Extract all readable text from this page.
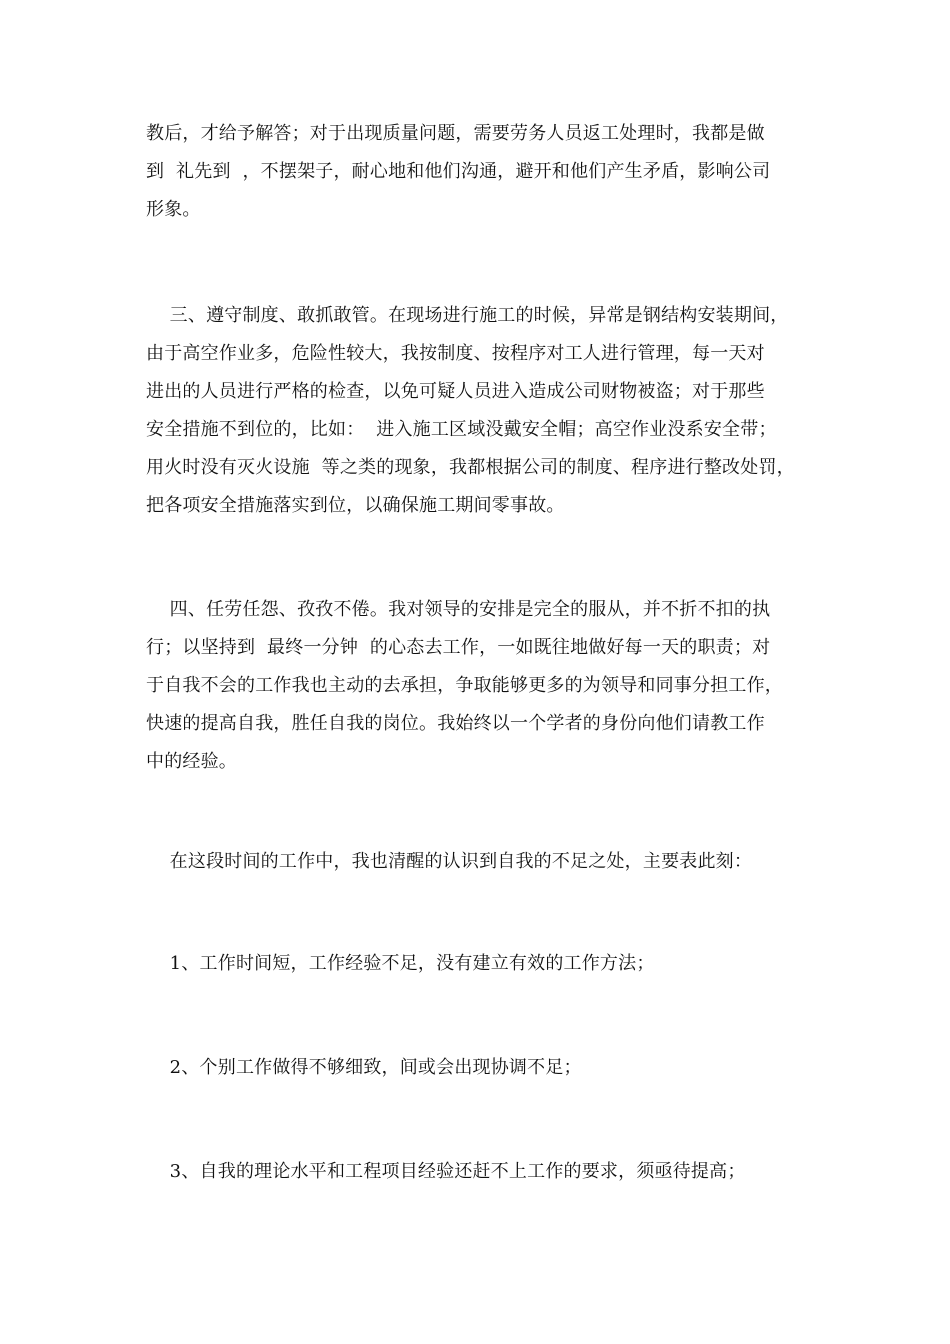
教后，才给予解答；对于出现质量问题，需要劳务人员返工处理时，我都是做
到  礼先到  ，不摆架子，耐心地和他们沟通，避开和他们产生矛盾，影响公司
形象。
三、遵守制度、敢抓敢管。在现场进行施工的时候，异常是钢结构安装期间，
由于高空作业多，危险性较大，我按制度、按程序对工人进行管理，每一天对
进出的人员进行严格的检查，以免可疑人员进入造成公司财物被盗；对于那些
安全措施不到位的，比如：  进入施工区域没戴安全帽；高空作业没系安全带；
用火时没有灭火设施  等之类的现象，我都根据公司的制度、程序进行整改处罚，
把各项安全措施落实到位，以确保施工期间零事故。
四、任劳任怨、孜孜不倦。我对领导的安排是完全的服从，并不折不扣的执
行；以坚持到  最终一分钟  的心态去工作，一如既往地做好每一天的职责；对
于自我不会的工作我也主动的去承担，争取能够更多的为领导和同事分担工作，
快速的提高自我，胜任自我的岗位。我始终以一个学者的身份向他们请教工作
中的经验。
在这段时间的工作中，我也清醒的认识到自我的不足之处，主要表此刻：
1、工作时间短，工作经验不足，没有建立有效的工作方法；
2、个别工作做得不够细致，间或会出现协调不足；
3、自我的理论水平和工程项目经验还赶不上工作的要求，须亟待提高；
